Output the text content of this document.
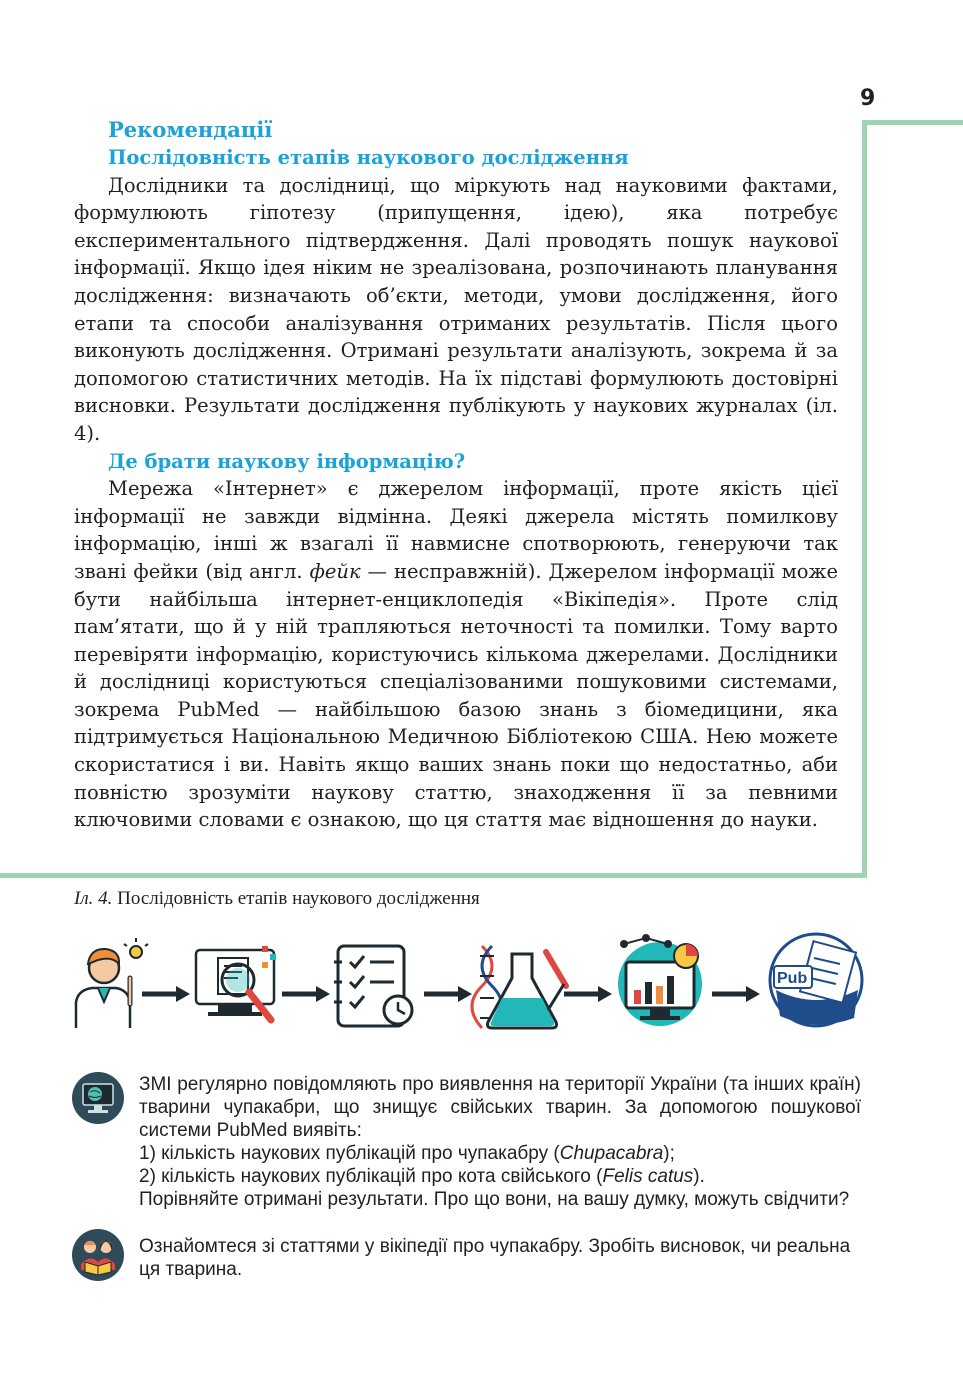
9
Рекомендації
Послідовність етапів наукового дослідження

Дослідники та дослідниці, що міркують над науковими фактами, формулюють гіпотезу (припущення, ідею), яка потребує експериментального підтвердження. Далі проводять пошук наукової інформації. Якщо ідея ніким не зреалізована, розпочинають планування дослідження: визначають об’єкти, методи, умови дослідження, його етапи та способи аналізування отриманих результатів. Після цього виконують дослідження. Отримані результати аналізують, зокрема й за допомогою статистичних методів. На їх підставі формулюють достовірні висновки. Результати дослідження публікують у наукових журналах (іл. 4).

Де брати наукову інформацію?

Мережа «Інтернет» є джерелом інформації, проте якість цієї інформації не завжди відмінна. Деякі джерела містять помилкову інформацію, інші ж взагалі її навмисне спотворюють, генеруючи так звані фейки (від англ. фейк — несправжній). Джерелом інформації може бути найбільша інтернет-енциклопедія «Вікіпедія». Проте слід пам’ятати, що й у ній трапляються неточності та помилки. Тому варто перевіряти інформацію, користуючись кількома джерелами. Дослідники й дослідниці користуються спеціалізованими пошуковими системами, зокрема PubMed — найбільшою базою знань з біомедицини, яка підтримується Національною Медичною Бібліотекою США. Нею можете скористатися і ви. Навіть якщо ваших знань поки що недостатньо, аби повністю зрозуміти наукову статтю, знаходження її за певними ключовими словами є ознакою, що ця стаття має відношення до науки.

Іл. 4. Послідовність етапів наукового дослідження
Pub

ЗМІ регулярно повідомляють про виявлення на території України (та інших країн) тварини чупакабри, що знищує свійських тварин. За допомогою пошукової системи PubMed виявіть:

1) кількість наукових публікацій про чупакабру (Chupacabra);

2) кількість наукових публікацій про кота свійського (Felis catus).

Порівняйте отримані результати. Про що вони, на вашу думку, можуть свідчити?

Ознайомтеся зі статтями у вікіпедії про чупакабру. Зробіть висновок, чи реальна ця тварина.
